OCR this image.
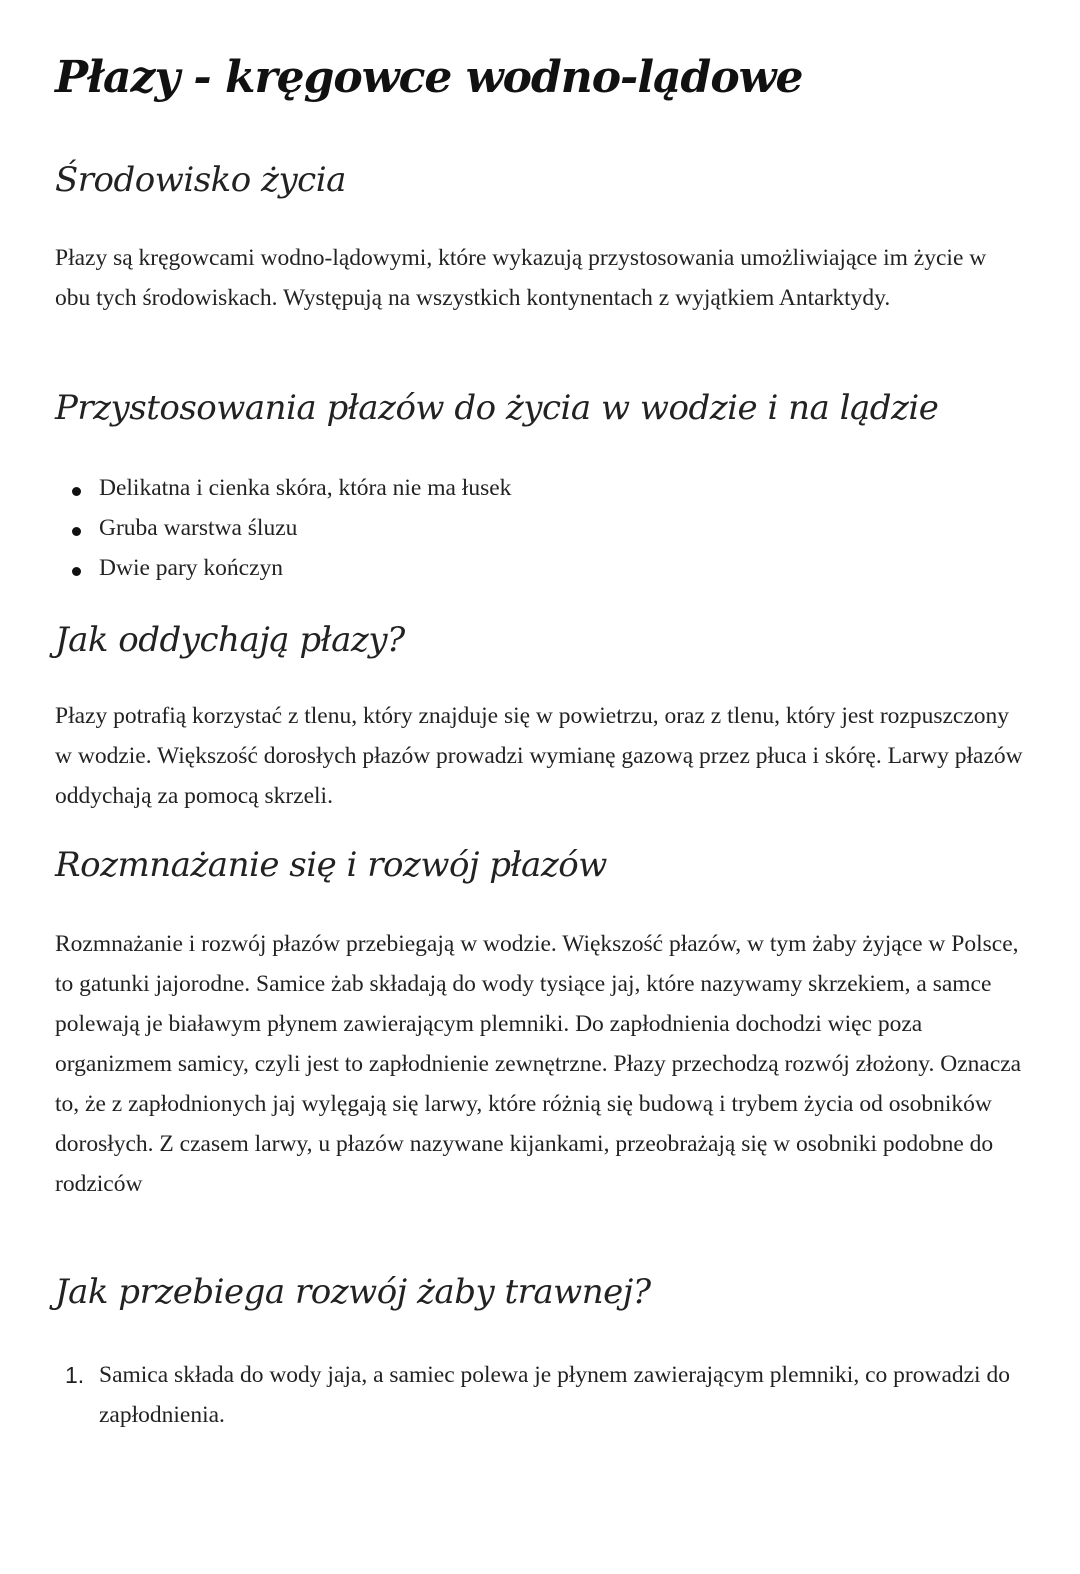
Płazy - kręgowce wodno-lądowe
Środowisko życia

Płazy są kręgowcami wodno-lądowymi, które wykazują przystosowania umożliwiające im życie w obu tych środowiskach. Występują na wszystkich kontynentach z wyjątkiem Antarktydy.

Przystosowania płazów do życia w wodzie i na lądzie
Delikatna i cienka skóra, która nie ma łusek
Gruba warstwa śluzu
Dwie pary kończyn
Jak oddychają płazy?

Płazy potrafią korzystać z tlenu, który znajduje się w powietrzu, oraz z tlenu, który jest rozpuszczony w wodzie. Większość dorosłych płazów prowadzi wymianę gazową przez płuca i skórę. Larwy płazów oddychają za pomocą skrzeli.

Rozmnażanie się i rozwój płazów

Rozmnażanie i rozwój płazów przebiegają w wodzie. Większość płazów, w tym żaby żyjące w Polsce, to gatunki jajorodne. Samice żab składają do wody tysiące jaj, które nazywamy skrzekiem, a samce polewają je białawym płynem zawierającym plemniki. Do zapłodnienia dochodzi więc poza organizmem samicy, czyli jest to zapłodnienie zewnętrzne. Płazy przechodzą rozwój złożony. Oznacza to, że z zapłodnionych jaj wylęgają się larwy, które różnią się budową i trybem życia od osobników dorosłych. Z czasem larwy, u płazów nazywane kijankami, przeobrażają się w osobniki podobne do rodziców

Jak przebiega rozwój żaby trawnej?
1. Samica składa do wody jaja, a samiec polewa je płynem zawierającym plemniki, co prowadzi do zapłodnienia.
